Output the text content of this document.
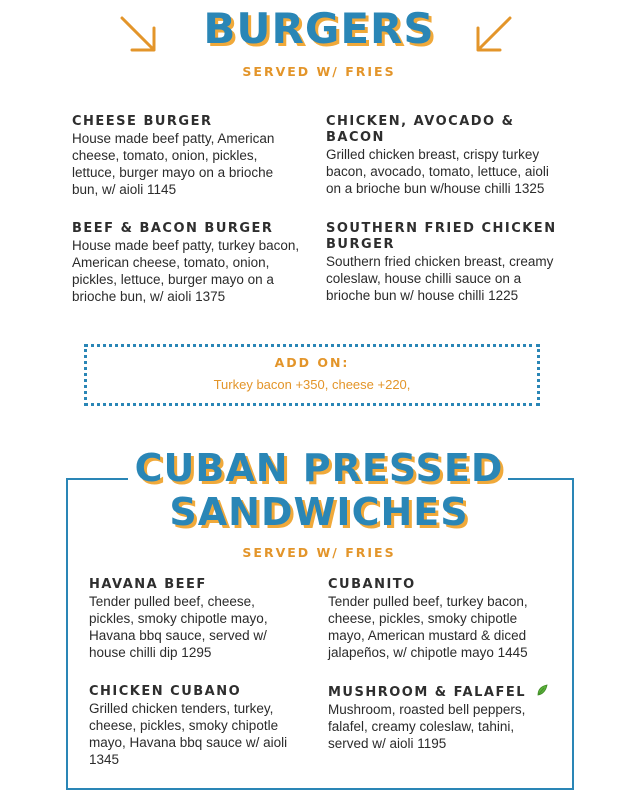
BURGERS
SERVED W/ FRIES
CHEESE BURGER
House made beef patty, American cheese, tomato, onion, pickles, lettuce, burger mayo on a brioche bun, w/ aioli 1145
CHICKEN, AVOCADO & BACON
Grilled chicken breast, crispy turkey bacon, avocado, tomato, lettuce, aioli on a brioche bun w/house chilli 1325
BEEF & BACON BURGER
House made beef patty, turkey bacon, American cheese, tomato, onion, pickles, lettuce, burger mayo on a brioche bun, w/ aioli 1375
SOUTHERN FRIED CHICKEN BURGER
Southern fried chicken breast, creamy coleslaw, house chilli sauce on a brioche bun w/ house chilli 1225
ADD ON:
Turkey bacon +350, cheese +220,
CUBAN PRESSED
SANDWICHES
SERVED W/ FRIES
HAVANA BEEF
Tender pulled beef, cheese, pickles, smoky chipotle mayo, Havana bbq sauce, served w/ house chilli dip 1295
CUBANITO
Tender pulled beef, turkey bacon, cheese, pickles, smoky chipotle mayo, American mustard & diced jalapeños, w/ chipotle mayo 1445
CHICKEN CUBANO
Grilled chicken tenders, turkey, cheese, pickles, smoky chipotle mayo, Havana bbq sauce w/ aioli 1345
MUSHROOM & FALAFEL
Mushroom, roasted bell peppers, falafel, creamy coleslaw, tahini, served w/ aioli 1195
